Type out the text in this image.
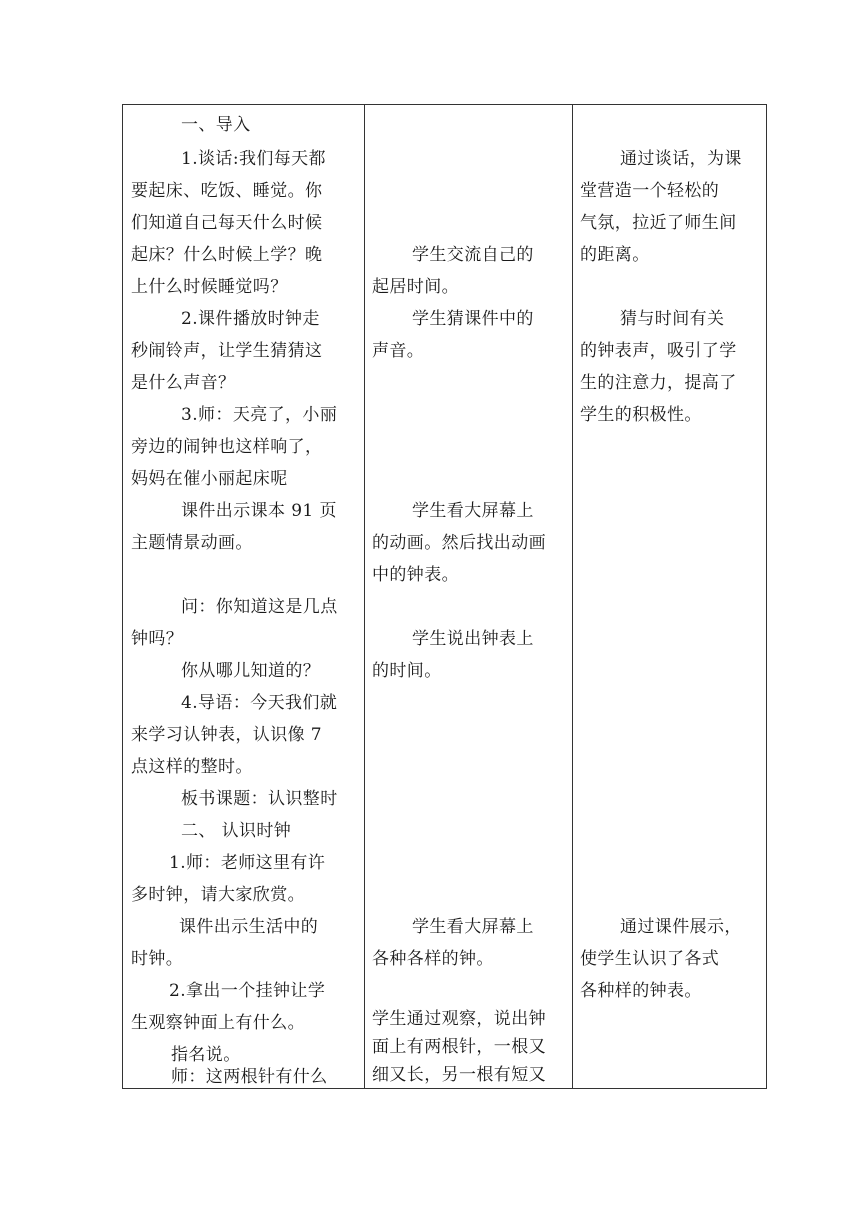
一、导入
1.谈话:我们每天都
要起床、吃饭、睡觉。你
们知道自己每天什么时候
起床？什么时候上学？晚
上什么时候睡觉吗？
2.课件播放时钟走
秒闹铃声，让学生猜猜这
是什么声音？
3.师：天亮了，小丽
旁边的闹钟也这样响了，
妈妈在催小丽起床呢
课件出示课本 91 页
主题情景动画。
问：你知道这是几点
钟吗？
你从哪儿知道的？
4.导语：今天我们就
来学习认钟表，认识像 7
点这样的整时。
板书课题：认识整时
二、 认识时钟
1.师：老师这里有许
多时钟，请大家欣赏。
课件出示生活中的
时钟。
2.拿出一个挂钟让学
生观察钟面上有什么。
指名说。
师：这两根针有什么
学生交流自己的
起居时间。
学生猜课件中的
声音。
学生看大屏幕上
的动画。然后找出动画
中的钟表。
学生说出钟表上
的时间。
学生看大屏幕上
各种各样的钟。
学生通过观察，说出钟
面上有两根针，一根又
细又长，另一根有短又
通过谈话，为课
堂营造一个轻松的
气氛，拉近了师生间
的距离。
猜与时间有关
的钟表声，吸引了学
生的注意力，提高了
学生的积极性。
通过课件展示，
使学生认识了各式
各种样的钟表。
